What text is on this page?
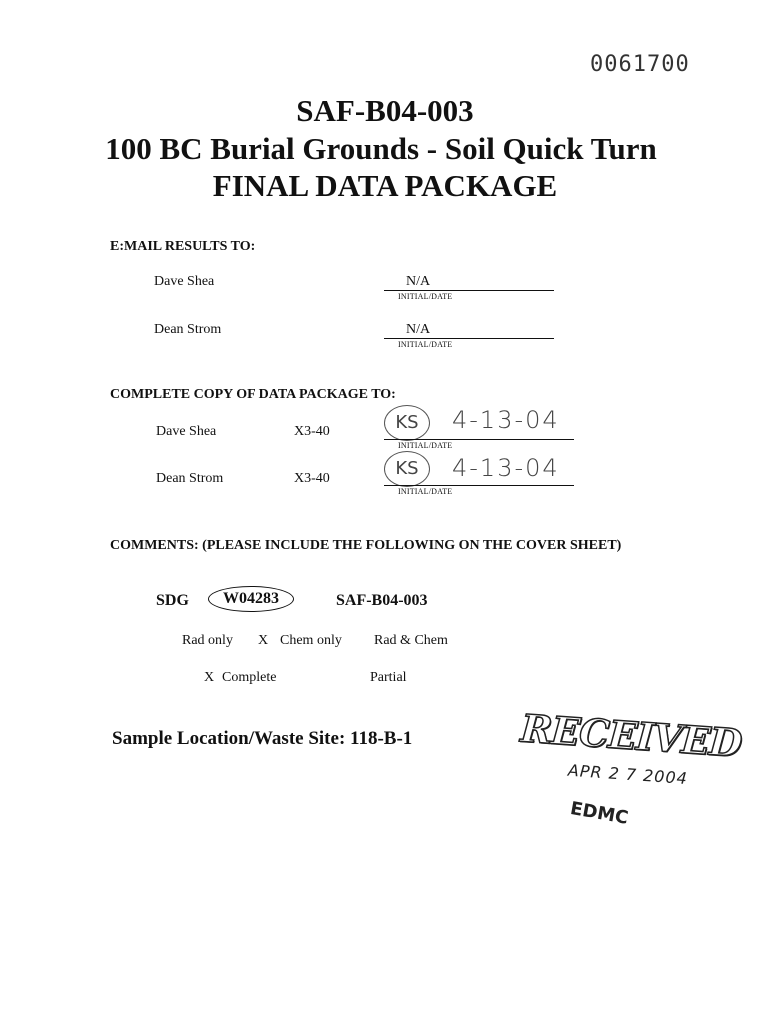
0061700
SAF-B04-003
100 BC Burial Grounds - Soil Quick Turn
FINAL DATA PACKAGE
E:MAIL RESULTS TO:
Dave Shea	N/A
INITIAL/DATE
Dean Strom	N/A
INITIAL/DATE
COMPLETE COPY OF DATA PACKAGE TO:
Dave Shea	X3-40	KS	4-13-04
INITIAL/DATE
Dean Strom	X3-40	KS	4-13-04
INITIAL/DATE
COMMENTS: (PLEASE INCLUDE THE FOLLOWING ON THE COVER SHEET)
SDG	W04283	SAF-B04-003
Rad only X Chem only Rad & Chem
X Complete	Partial
Sample Location/Waste Site: 118-B-1	RECEIVED
APR 2 7 2004
EDMC
